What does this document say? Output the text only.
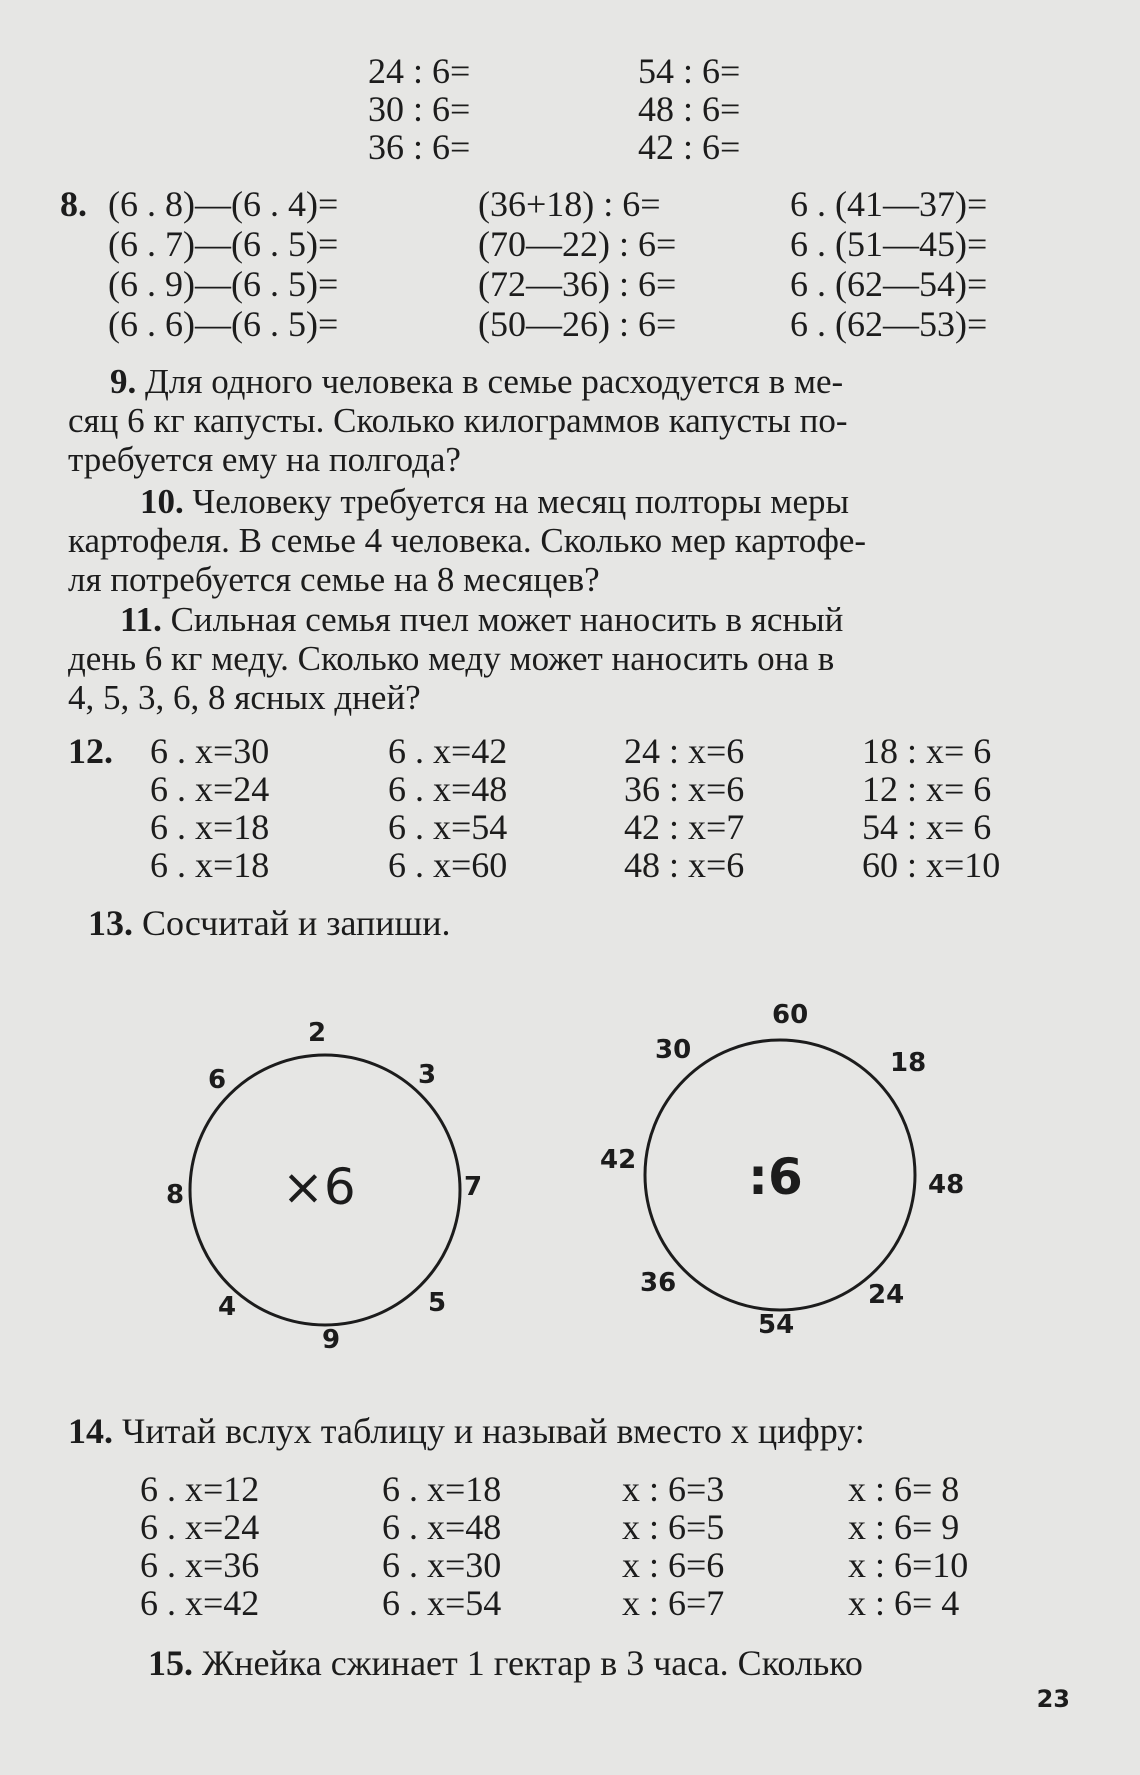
24 : 6=
30 : 6=
36 : 6=
54 : 6=
48 : 6=
42 : 6=
8. (6 . 8)—(6 . 4)=
(6 . 7)—(6 . 5)=
(6 . 9)—(6 . 5)=
(6 . 6)—(6 . 5)=
(36+18) : 6=
(70—22) : 6=
(72—36) : 6=
(50—26) : 6=
6 . (41—37)=
6 . (51—45)=
6 . (62—54)=
6 . (62—53)=

9. Для одного человека в семье расходуется в ме-

сяц 6 кг капусты. Сколько килограммов капусты по-

требуется ему на полгода?

10. Человеку требуется на месяц полторы меры

картофеля. В семье 4 человека. Сколько мер картофе-

ля потребуется семье на 8 месяцев?

11. Сильная семья пчел может наносить в ясный

день 6 кг меду. Сколько меду может наносить она в

4, 5, 3, 6, 8 ясных дней?

12. 6 . x=30
6 . x=24
6 . x=18
6 . x=18
6 . x=42
6 . x=48
6 . x=54
6 . x=60
24 : x=6
36 : x=6
42 : x=7
48 : x=6
18 : x= 6
12 : x= 6
54 : x= 6
60 : x=10
13. Сосчитай и запиши.
×6
2
3
7
5
9
4
8
6
:6
60
18
48
24
54
36
42
30
14. Читай вслух таблицу и называй вместо x цифру:
6 . x=12
6 . x=24
6 . x=36
6 . x=42
6 . x=18
6 . x=48
6 . x=30
6 . x=54
x : 6=3
x : 6=5
x : 6=6
x : 6=7
x : 6= 8
x : 6= 9
x : 6=10
x : 6= 4
15. Жнейка сжинает 1 гектар в 3 часа. Сколько
23
